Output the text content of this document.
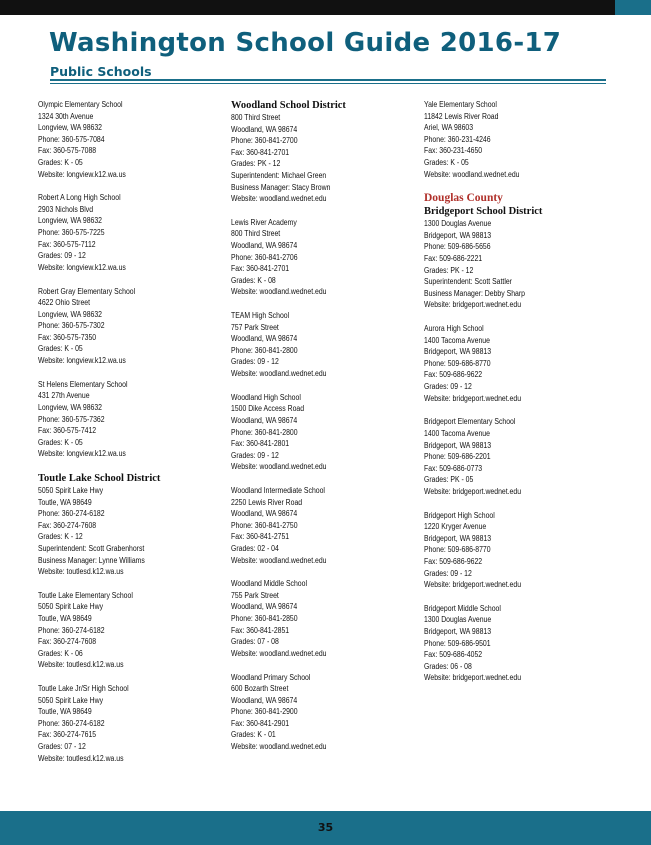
Washington School Guide 2016-17
Public Schools
Olympic Elementary School
1324 30th Avenue
Longview, WA 98632
Phone: 360-575-7084
Fax: 360-575-7088
Grades: K - 05
Website: longview.k12.wa.us
Robert A Long High School
2903 Nichols Blvd
Longview, WA 98632
Phone: 360-575-7225
Fax: 360-575-7112
Grades: 09 - 12
Website: longview.k12.wa.us
Robert Gray Elementary School
4622 Ohio Street
Longview, WA 98632
Phone: 360-575-7302
Fax: 360-575-7350
Grades: K - 05
Website: longview.k12.wa.us
St Helens Elementary School
431 27th Avenue
Longview, WA 98632
Phone: 360-575-7362
Fax: 360-575-7412
Grades: K - 05
Website: longview.k12.wa.us
Toutle Lake School District
5050 Spirit Lake Hwy
Toutle, WA 98649
Phone: 360-274-6182
Fax: 360-274-7608
Grades: K - 12
Superintendent: Scott Grabenhorst
Business Manager: Lynne Williams
Website: toutlesd.k12.wa.us
Toutle Lake Elementary School
5050 Spirit Lake Hwy
Toutle, WA 98649
Phone: 360-274-6182
Fax: 360-274-7608
Grades: K - 06
Website: toutlesd.k12.wa.us
Toutle Lake Jr/Sr High School
5050 Spirit Lake Hwy
Toutle, WA 98649
Phone: 360-274-6182
Fax: 360-274-7615
Grades: 07 - 12
Website: toutlesd.k12.wa.us
Woodland School District
800 Third Street
Woodland, WA 98674
Phone: 360-841-2700
Fax: 360-841-2701
Grades: PK - 12
Superintendent: Michael Green
Business Manager: Stacy Brown
Website: woodland.wednet.edu
Lewis River Academy
800 Third Street
Woodland, WA 98674
Phone: 360-841-2706
Fax: 360-841-2701
Grades: K - 08
Website: woodland.wednet.edu
TEAM High School
757 Park Street
Woodland, WA 98674
Phone: 360-841-2800
Grades: 09 - 12
Website: woodland.wednet.edu
Woodland High School
1500 Dike Access Road
Woodland, WA 98674
Phone: 360-841-2800
Fax: 360-841-2801
Grades: 09 - 12
Website: woodland.wednet.edu
Woodland Intermediate School
2250 Lewis River Road
Woodland, WA 98674
Phone: 360-841-2750
Fax: 360-841-2751
Grades: 02 - 04
Website: woodland.wednet.edu
Woodland Middle School
755 Park Street
Woodland, WA 98674
Phone: 360-841-2850
Fax: 360-841-2851
Grades: 07 - 08
Website: woodland.wednet.edu
Woodland Primary School
600 Bozarth Street
Woodland, WA 98674
Phone: 360-841-2900
Fax: 360-841-2901
Grades: K - 01
Website: woodland.wednet.edu
Yale Elementary School
11842 Lewis River Road
Ariel, WA 98603
Phone: 360-231-4246
Fax: 360-231-4650
Grades: K - 05
Website: woodland.wednet.edu
Douglas County
Bridgeport School District
1300 Douglas Avenue
Bridgeport, WA 98813
Phone: 509-686-5656
Fax: 509-686-2221
Grades: PK - 12
Superintendent: Scott Sattler
Business Manager: Debby Sharp
Website: bridgeport.wednet.edu
Aurora High School
1400 Tacoma Avenue
Bridgeport, WA 98813
Phone: 509-686-8770
Fax: 509-686-9622
Grades: 09 - 12
Website: bridgeport.wednet.edu
Bridgeport Elementary School
1400 Tacoma Avenue
Bridgeport, WA 98813
Phone: 509-686-2201
Fax: 509-686-0773
Grades: PK - 05
Website: bridgeport.wednet.edu
Bridgeport High School
1220 Kryger Avenue
Bridgeport, WA 98813
Phone: 509-686-8770
Fax: 509-686-9622
Grades: 09 - 12
Website: bridgeport.wednet.edu
Bridgeport Middle School
1300 Douglas Avenue
Bridgeport, WA 98813
Phone: 509-686-9501
Fax: 509-686-4052
Grades: 06 - 08
Website: bridgeport.wednet.edu
35
